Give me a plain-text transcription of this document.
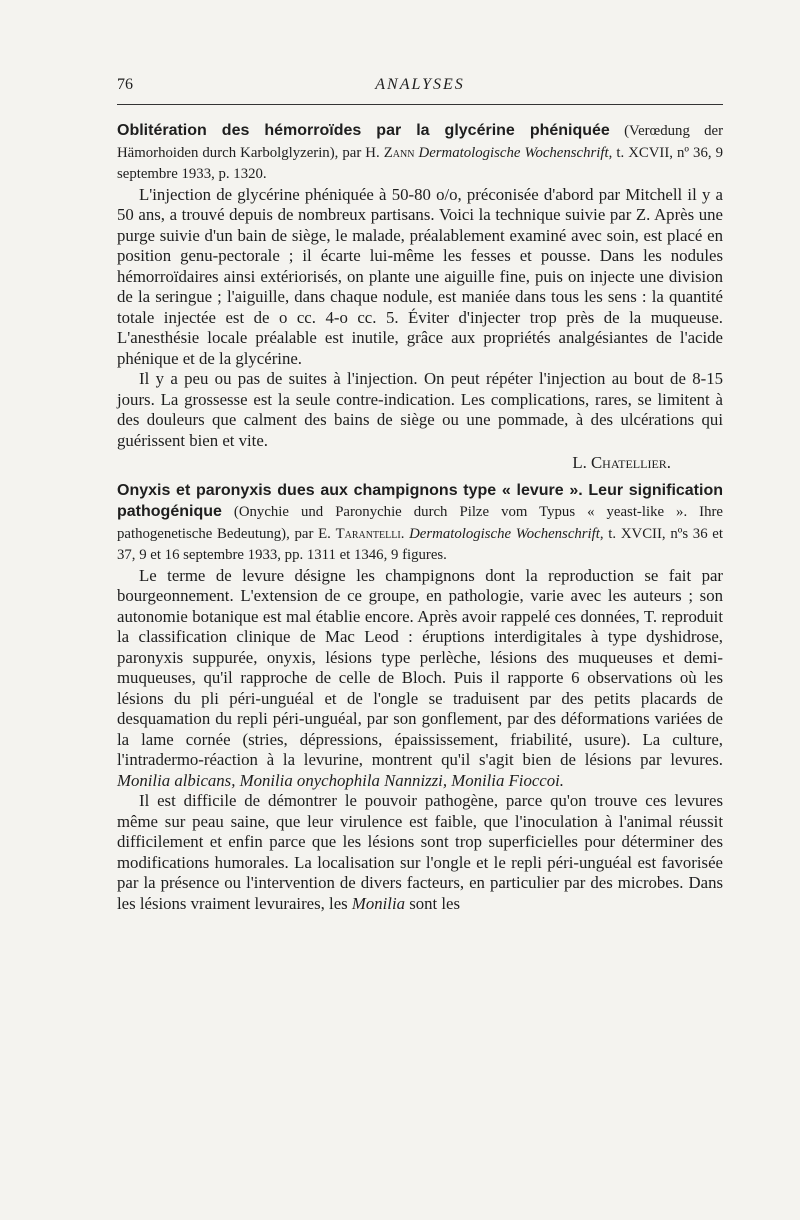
76	ANALYSES

Oblitération des hémorroïdes par la glycérine phéniquée (Verœdung der Hämorhoiden durch Karbolglyzerin), par H. Zann Dermatologische Wochenschrift, t. XCVII, nº 36, 9 septembre 1933, p. 1320.

L'injection de glycérine phéniquée à 50-80 o/o, préconisée d'abord par Mitchell il y a 50 ans, a trouvé depuis de nombreux partisans. Voici la technique suivie par Z. Après une purge suivie d'un bain de siège, le malade, préalablement examiné avec soin, est placé en position genu-pectorale ; il écarte lui-même les fesses et pousse. Dans les nodules hémorroïdaires ainsi extériorisés, on plante une aiguille fine, puis on injecte une division de la seringue ; l'aiguille, dans chaque nodule, est maniée dans tous les sens : la quantité totale injectée est de o cc. 4-o cc. 5. Éviter d'injecter trop près de la muqueuse. L'anesthésie locale préalable est inutile, grâce aux propriétés analgésiantes de l'acide phénique et de la glycérine.

Il y a peu ou pas de suites à l'injection. On peut répéter l'injection au bout de 8-15 jours. La grossesse est la seule contre-indication. Les complications, rares, se limitent à des douleurs que calment des bains de siège ou une pommade, à des ulcérations qui guérissent bien et vite.

L. Chatellier.

Onyxis et paronyxis dues aux champignons type « levure ». Leur signification pathogénique (Onychie und Paronychie durch Pilze vom Typus « yeast-like ». Ihre pathogenetische Bedeutung), par E. Tarantelli. Dermatologische Wochenschrift, t. XVCII, nºs 36 et 37, 9 et 16 septembre 1933, pp. 1311 et 1346, 9 figures.

Le terme de levure désigne les champignons dont la reproduction se fait par bourgeonnement. L'extension de ce groupe, en pathologie, varie avec les auteurs ; son autonomie botanique est mal établie encore. Après avoir rappelé ces données, T. reproduit la classification clinique de Mac Leod : éruptions interdigitales à type dyshidrose, paronyxis suppurée, onyxis, lésions type perlèche, lésions des muqueuses et demi-muqueuses, qu'il rapproche de celle de Bloch. Puis il rapporte 6 observations où les lésions du pli péri-unguéal et de l'ongle se traduisent par des petits placards de desquamation du repli péri-unguéal, par son gonflement, par des déformations variées de la lame cornée (stries, dépressions, épaississement, friabilité, usure). La culture, l'intradermo-réaction à la levurine, montrent qu'il s'agit bien de lésions par levures. Monilia albicans, Monilia onychophila Nannizzi, Monilia Fioccoi.

Il est difficile de démontrer le pouvoir pathogène, parce qu'on trouve ces levures même sur peau saine, que leur virulence est faible, que l'inoculation à l'animal réussit difficilement et enfin parce que les lésions sont trop superficielles pour déterminer des modifications humorales. La localisation sur l'ongle et le repli péri-unguéal est favorisée par la présence ou l'intervention de divers facteurs, en particulier par des microbes. Dans les lésions vraiment levuraires, les Monilia sont les
